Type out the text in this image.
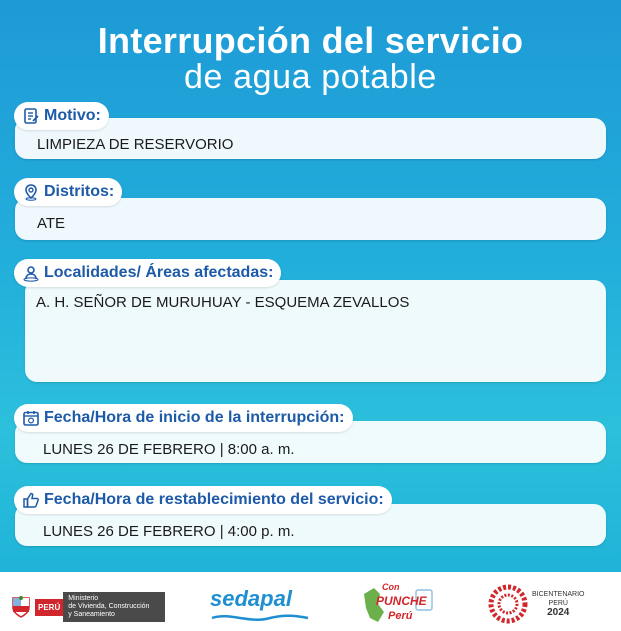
Interrupción del servicio
de agua potable
Motivo:
LIMPIEZA DE RESERVORIO
Distritos:
ATE
Localidades/ Áreas afectadas:
A. H. SEÑOR DE MURUHUAY - ESQUEMA ZEVALLOS
Fecha/Hora de inicio de la interrupción:
LUNES 26 DE FEBRERO | 8:00 a. m.
Fecha/Hora de restablecimiento del servicio:
LUNES 26 DE FEBRERO | 4:00 p. m.
PERÚ
Ministerio
de Vivienda, Construcción
y Saneamiento
sedapal	Con
PUNCHE
Perú
BICENTENARIO
PERÚ
2024
